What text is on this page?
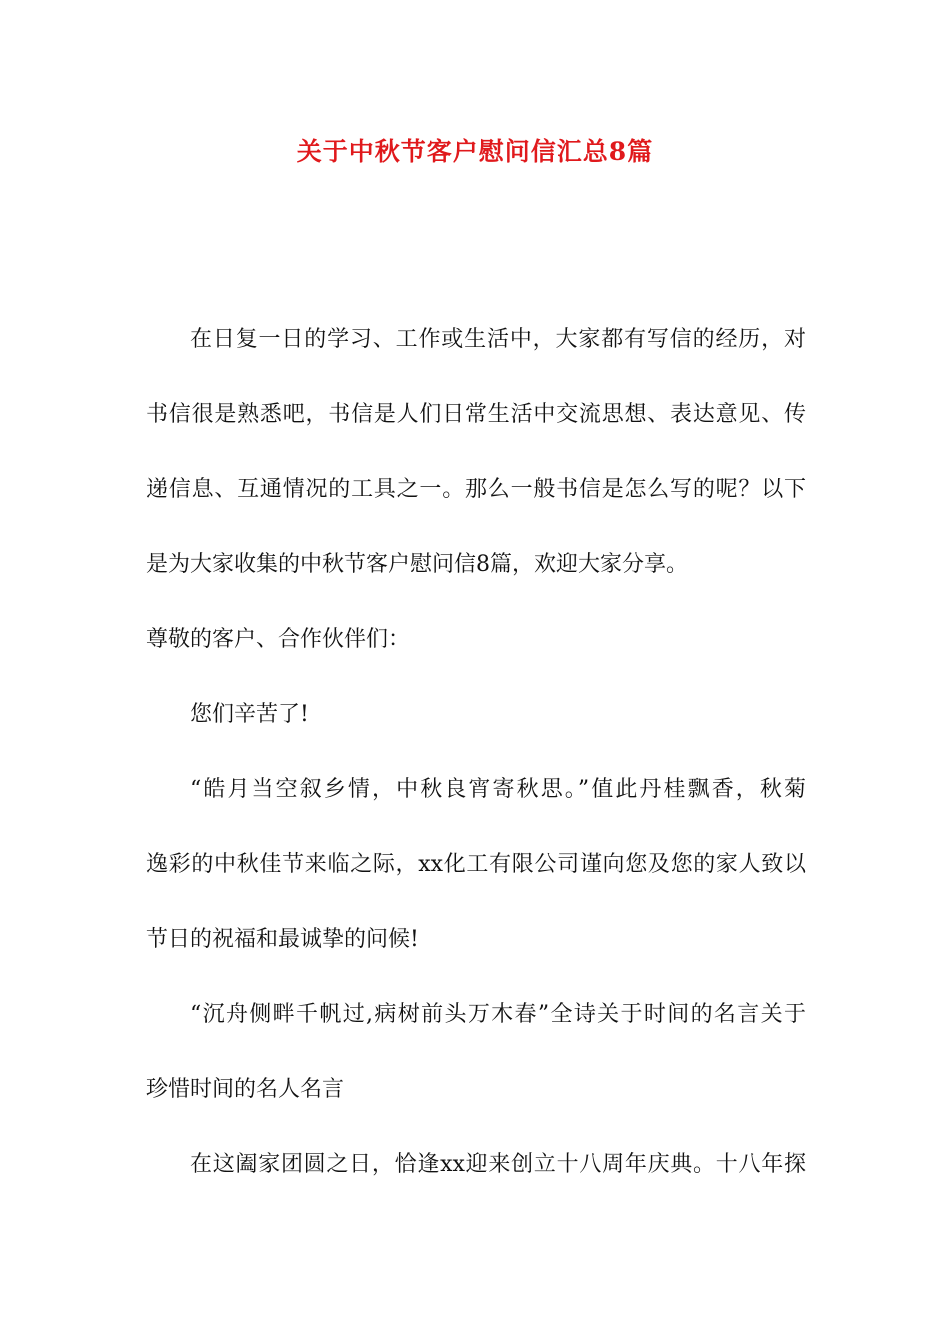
关于中秋节客户慰问信汇总8篇

在日复一日的学习、工作或生活中，大家都有写信的经历，对

书信很是熟悉吧，书信是人们日常生活中交流思想、表达意见、传

递信息、互通情况的工具之一。那么一般书信是怎么写的呢？以下

是为大家收集的中秋节客户慰问信8篇，欢迎大家分享。

尊敬的客户、合作伙伴们：

您们辛苦了!

“皓月当空叙乡情，中秋良宵寄秋思。”值此丹桂飘香，秋菊

逸彩的中秋佳节来临之际，xx化工有限公司谨向您及您的家人致以

节日的祝福和最诚挚的问候!

“沉舟侧畔千帆过,病树前头万木春”全诗关于时间的名言关于

珍惜时间的名人名言

在这阖家团圆之日，恰逢xx迎来创立十八周年庆典。十八年探
